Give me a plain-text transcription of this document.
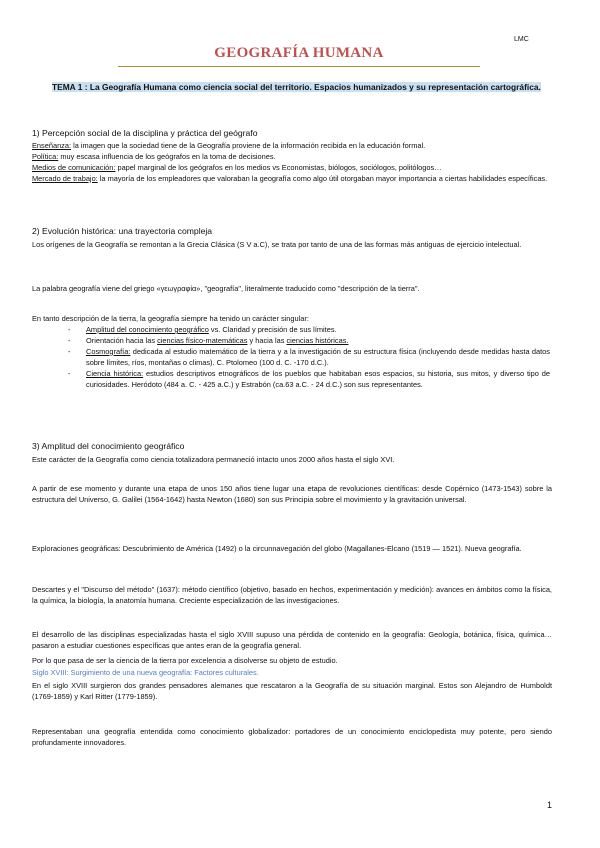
LMC
GEOGRAFÍA HUMANA
TEMA 1 : La Geografía Humana como ciencia social del territorio. Espacios humanizados y su representación cartográfica.
1) Percepción social de la disciplina y práctica del geógrafo
Enseñanza: la imagen que la sociedad tiene de la Geografía proviene de la información recibida en la educación formal.
Política: muy escasa influencia de los geógrafos en la toma de decisiones.
Medios de comunicación: papel marginal de los geógrafos en los medios vs Economistas, biólogos, sociólogos, politólogos…
Mercado de trabajo: la mayoría de los empleadores que valoraban la geografía como algo útil otorgaban mayor importancia a ciertas habilidades específicas.
2) Evolución histórica: una trayectoria compleja
Los orígenes de la Geografía se remontan a la Grecia Clásica (S V a.C), se trata por tanto de una de las formas más antiguas de ejercicio intelectual.
La palabra geografía viene del griego «γεωγραφία», "geografía", literalmente traducido como "descripción de la tierra".
En tanto descripción de la tierra, la geografía siempre ha tenido un carácter singular:
- Amplitud del conocimiento geográfico vs. Claridad y precisión de sus límites.
- Orientación hacia las ciencias físico-matemáticas y hacia las ciencias históricas.
- Cosmografía: dedicada al estudio matemático de la tierra y a la investigación de su estructura física (incluyendo desde medidas hasta datos sobre límites, ríos, montañas o climas). C. Ptolomeo (100 d. C. -170 d.C.).
- Ciencia histórica: estudios descriptivos etnográficos de los pueblos que habitaban esos espacios, su historia, sus mitos, y diverso tipo de curiosidades. Heródoto (484 a. C. - 425 a.C.) y Estrabón (ca.63 a.C. - 24 d.C.) son sus representantes.
3) Amplitud del conocimiento geográfico
Este carácter de la Geografía como ciencia totalizadora permaneció intacto unos 2000 años hasta el siglo XVI.
A partir de ese momento y durante una etapa de unos 150 años tiene lugar una etapa de revoluciones científicas: desde Copérnico (1473-1543) sobre la estructura del Universo, G. Galilei (1564-1642) hasta Newton (1680) son sus Principia sobre el movimiento y la gravitación universal.
Exploraciones geográficas: Descubrimiento de América (1492) o la circunnavegación del globo (Magallanes-Elcano (1519 — 1521). Nueva geografía.
Descartes y el "Discurso del método" (1637): método científico (objetivo, basado en hechos, experimentación y medición): avances en ámbitos como la física, la química, la biología, la anatomía humana. Creciente especialización de las investigaciones.
El desarrollo de las disciplinas especializadas hasta el siglo XVIII supuso una pérdida de contenido en la geografía: Geología, botánica, física, química… pasaron a estudiar cuestiones específicas que antes eran de la geografía general.
Por lo que pasa de ser la ciencia de la tierra por excelencia a disolverse su objeto de estudio.
Siglo XVIII: Surgimiento de una nueva geografía: Factores culturales.
En el siglo XVIII surgieron dos grandes pensadores alemanes que rescataron a la Geografía de su situación marginal. Estos son Alejandro de Humboldt (1769-1859) y Karl Ritter (1779-1859).
Representaban una geografía entendida como conocimiento globalizador: portadores de un conocimiento enciclopedista muy potente, pero siendo profundamente innovadores.
1
